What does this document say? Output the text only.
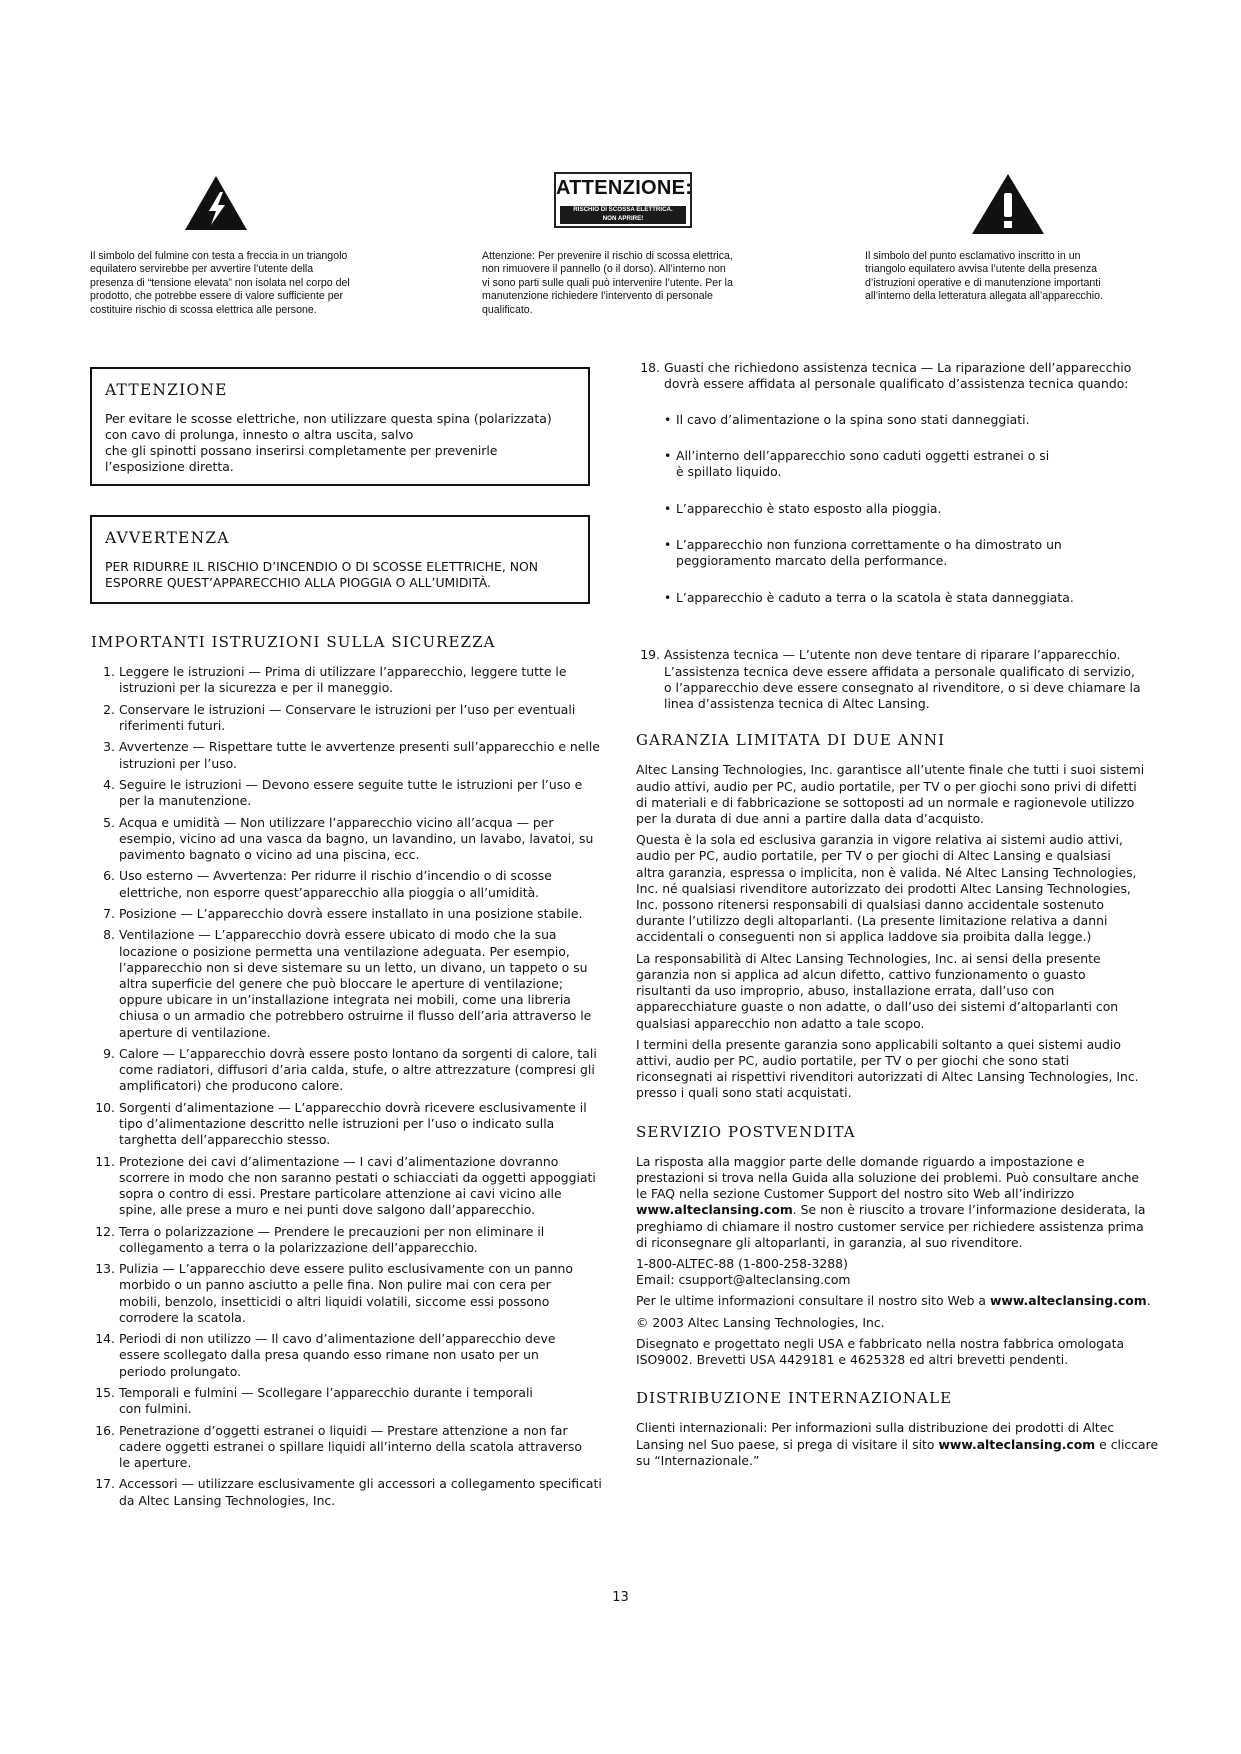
ATTENZIONE:
RISCHIO DI SCOSSA ELETTRICA.
NON APRIRE!

Il simbolo del fulmine con testa a freccia in un triangolo
equilatero servirebbe per avvertire l’utente della
presenza di “tensione elevata” non isolata nel corpo del
prodotto, che potrebbe essere di valore sufficiente per
costituire rischio di scossa elettrica alle persone.

Attenzione: Per prevenire il rischio di scossa elettrica,
non rimuovere il pannello (o il dorso). All’interno non
vi sono parti sulle quali può intervenire l’utente. Per la
manutenzione richiedere l’intervento di personale
qualificato.

Il simbolo del punto esclamativo inscritto in un
triangolo equilatero avvisa l’utente della presenza
d’istruzioni operative e di manutenzione importanti
all’interno della letteratura allegata all’apparecchio.

ATTENZIONE

Per evitare le scosse elettriche, non utilizzare questa spina (polarizzata)
con cavo di prolunga, innesto o altra uscita, salvo
che gli spinotti possano inserirsi completamente per prevenirle
l’esposizione diretta.

AVVERTENZA

PER RIDURRE IL RISCHIO D’INCENDIO O DI SCOSSE ELETTRICHE, NON
ESPORRE QUEST’APPARECCHIO ALLA PIOGGIA O ALL’UMIDITÀ.

IMPORTANTI ISTRUZIONI SULLA SICUREZZA
1. Leggere le istruzioni — Prima di utilizzare l’apparecchio, leggere tutte le
istruzioni per la sicurezza e per il maneggio.
2. Conservare le istruzioni — Conservare le istruzioni per l’uso per eventuali
riferimenti futuri.
3. Avvertenze — Rispettare tutte le avvertenze presenti sull’apparecchio e nelle
istruzioni per l’uso.
4. Seguire le istruzioni — Devono essere seguite tutte le istruzioni per l’uso e
per la manutenzione.
5. Acqua e umidità — Non utilizzare l’apparecchio vicino all’acqua — per
esempio, vicino ad una vasca da bagno, un lavandino, un lavabo, lavatoi, su
pavimento bagnato o vicino ad una piscina, ecc.
6. Uso esterno — Avvertenza: Per ridurre il rischio d’incendio o di scosse
elettriche, non esporre quest’apparecchio alla pioggia o all’umidità.
7. Posizione — L’apparecchio dovrà essere installato in una posizione stabile.
8. Ventilazione — L’apparecchio dovrà essere ubicato di modo che la sua
locazione o posizione permetta una ventilazione adeguata. Per esempio,
l’apparecchio non si deve sistemare su un letto, un divano, un tappeto o su
altra superficie del genere che può bloccare le aperture di ventilazione;
oppure ubicare in un’installazione integrata nei mobili, come una libreria
chiusa o un armadio che potrebbero ostruirne il flusso dell’aria attraverso le
aperture di ventilazione.
9. Calore — L’apparecchio dovrà essere posto lontano da sorgenti di calore, tali
come radiatori, diffusori d’aria calda, stufe, o altre attrezzature (compresi gli
amplificatori) che producono calore.
10. Sorgenti d’alimentazione — L’apparecchio dovrà ricevere esclusivamente il
tipo d’alimentazione descritto nelle istruzioni per l’uso o indicato sulla
targhetta dell’apparecchio stesso.
11. Protezione dei cavi d’alimentazione — I cavi d’alimentazione dovranno
scorrere in modo che non saranno pestati o schiacciati da oggetti appoggiati
sopra o contro di essi. Prestare particolare attenzione ai cavi vicino alle
spine, alle prese a muro e nei punti dove salgono dall’apparecchio.
12. Terra o polarizzazione — Prendere le precauzioni per non eliminare il
collegamento a terra o la polarizzazione dell’apparecchio.
13. Pulizia — L’apparecchio deve essere pulito esclusivamente con un panno
morbido o un panno asciutto a pelle fina. Non pulire mai con cera per
mobili, benzolo, insetticidi o altri liquidi volatili, siccome essi possono
corrodere la scatola.
14. Periodi di non utilizzo — Il cavo d’alimentazione dell’apparecchio deve
essere scollegato dalla presa quando esso rimane non usato per un
periodo prolungato.
15. Temporali e fulmini — Scollegare l’apparecchio durante i temporali
con fulmini.
16. Penetrazione d’oggetti estranei o liquidi — Prestare attenzione a non far
cadere oggetti estranei o spillare liquidi all’interno della scatola attraverso
le aperture.
17. Accessori — utilizzare esclusivamente gli accessori a collegamento specificati
da Altec Lansing Technologies, Inc.
18. Guasti che richiedono assistenza tecnica — La riparazione dell’apparecchio
dovrà essere affidata al personale qualificato d’assistenza tecnica quando:

• Il cavo d’alimentazione o la spina sono stati danneggiati.

• All’interno dell’apparecchio sono caduti oggetti estranei o si
è spillato liquido.

• L’apparecchio è stato esposto alla pioggia.

• L’apparecchio non funziona correttamente o ha dimostrato un
peggioramento marcato della performance.

• L’apparecchio è caduto a terra o la scatola è stata danneggiata.

19. Assistenza tecnica — L’utente non deve tentare di riparare l’apparecchio.
L’assistenza tecnica deve essere affidata a personale qualificato di servizio,
o l’apparecchio deve essere consegnato al rivenditore, o si deve chiamare la
linea d’assistenza tecnica di Altec Lansing.
GARANZIA LIMITATA DI DUE ANNI

Altec Lansing Technologies, Inc. garantisce all’utente finale che tutti i suoi sistemi
audio attivi, audio per PC, audio portatile, per TV o per giochi sono privi di difetti
di materiali e di fabbricazione se sottoposti ad un normale e ragionevole utilizzo
per la durata di due anni a partire dalla data d’acquisto.

Questa è la sola ed esclusiva garanzia in vigore relativa ai sistemi audio attivi,
audio per PC, audio portatile, per TV o per giochi di Altec Lansing e qualsiasi
altra garanzia, espressa o implicita, non è valida. Né Altec Lansing Technologies,
Inc. né qualsiasi rivenditore autorizzato dei prodotti Altec Lansing Technologies,
Inc. possono ritenersi responsabili di qualsiasi danno accidentale sostenuto
durante l’utilizzo degli altoparlanti. (La presente limitazione relativa a danni
accidentali o conseguenti non si applica laddove sia proibita dalla legge.)

La responsabilità di Altec Lansing Technologies, Inc. ai sensi della presente
garanzia non si applica ad alcun difetto, cattivo funzionamento o guasto
risultanti da uso improprio, abuso, installazione errata, dall’uso con
apparecchiature guaste o non adatte, o dall’uso dei sistemi d’altoparlanti con
qualsiasi apparecchio non adatto a tale scopo.

I termini della presente garanzia sono applicabili soltanto a quei sistemi audio
attivi, audio per PC, audio portatile, per TV o per giochi che sono stati
riconsegnati ai rispettivi rivenditori autorizzati di Altec Lansing Technologies, Inc.
presso i quali sono stati acquistati.

SERVIZIO POSTVENDITA

La risposta alla maggior parte delle domande riguardo a impostazione e
prestazioni si trova nella Guida alla soluzione dei problemi. Può consultare anche
le FAQ nella sezione Customer Support del nostro sito Web all’indirizzo
www.alteclansing.com. Se non è riuscito a trovare l’informazione desiderata, la
preghiamo di chiamare il nostro customer service per richiedere assistenza prima
di riconsegnare gli altoparlanti, in garanzia, al suo rivenditore.

1-800-ALTEC-88 (1-800-258-3288)

Email: csupport@alteclansing.com

Per le ultime informazioni consultare il nostro sito Web a www.alteclansing.com.

© 2003 Altec Lansing Technologies, Inc.

Disegnato e progettato negli USA e fabbricato nella nostra fabbrica omologata
ISO9002. Brevetti USA 4429181 e 4625328 ed altri brevetti pendenti.

DISTRIBUZIONE INTERNAZIONALE

Clienti internazionali: Per informazioni sulla distribuzione dei prodotti di Altec
Lansing nel Suo paese, si prega di visitare il sito www.alteclansing.com e cliccare
su “Internazionale.”

13
